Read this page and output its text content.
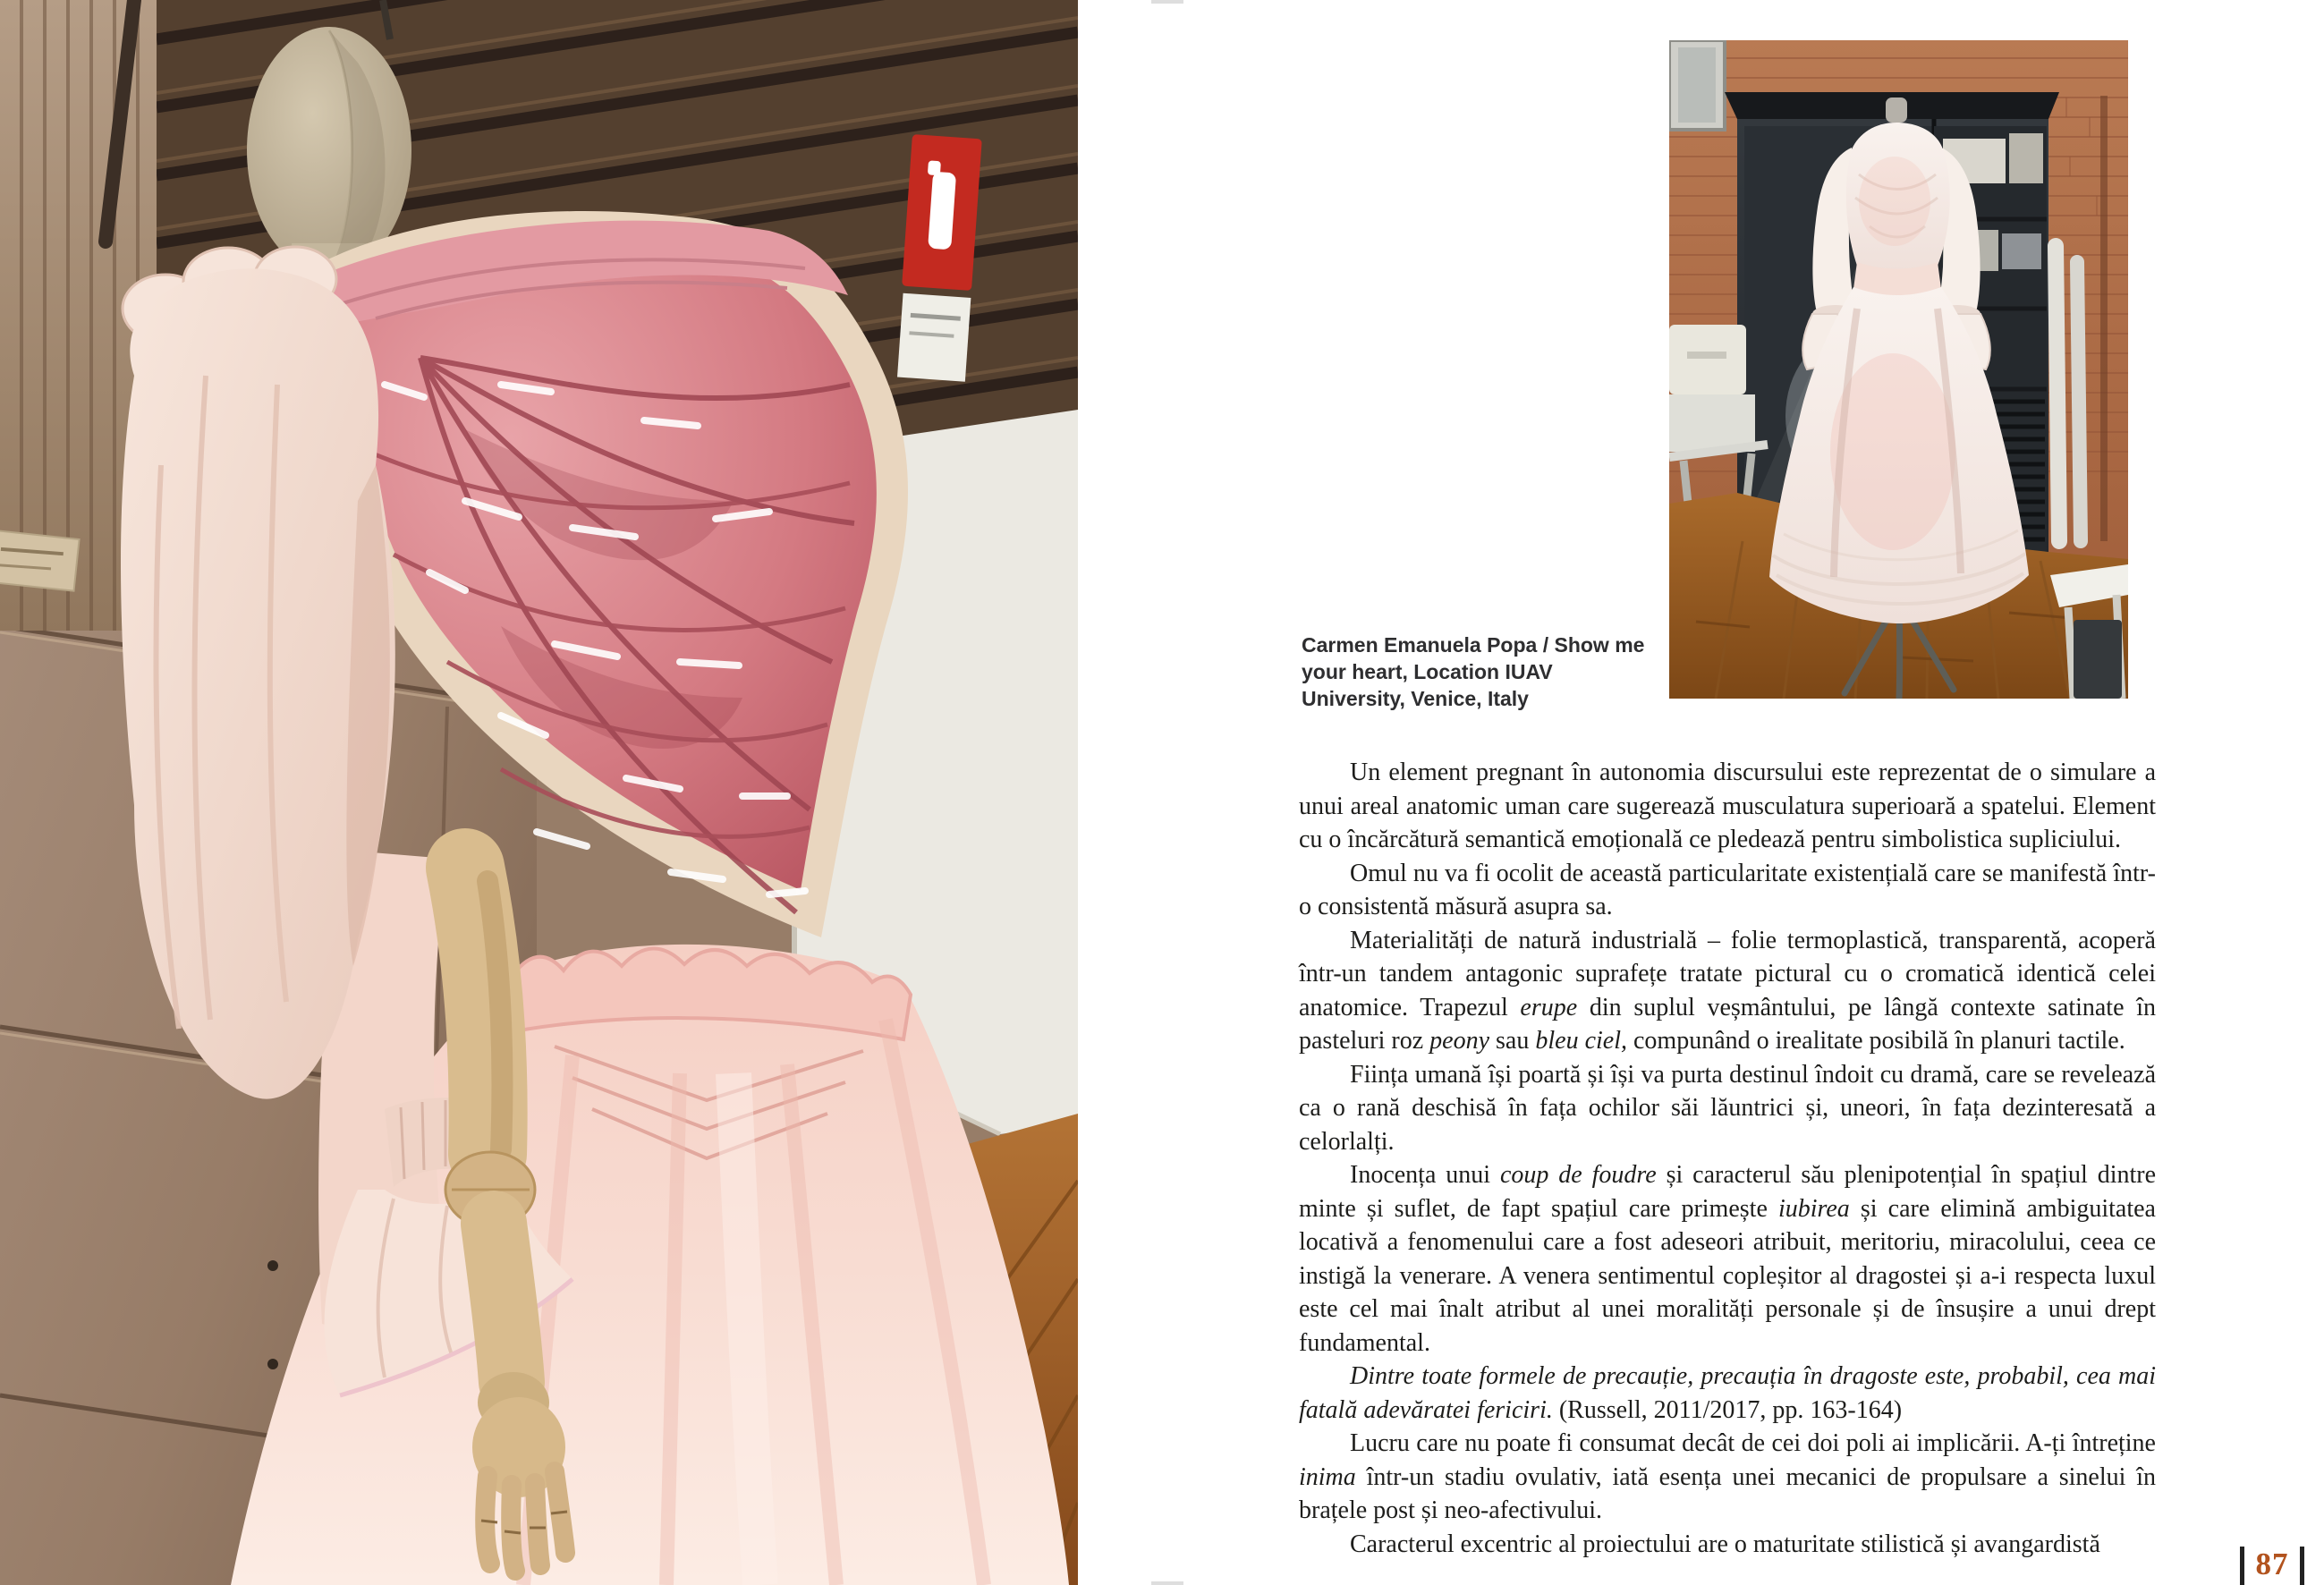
Carmen Emanuela Popa / Show me your heart, Location IUAV University, Venice, Italy

Un element pregnant în autonomia discursului este reprezentat de o simulare a unui areal anatomic uman care sugerează musculatura superioară a spatelui. Element cu o încărcătură semantică emoțională ce pledează pentru simbolistica supliciului.

Omul nu va fi ocolit de această particularitate existențială care se manifestă într-o consistentă măsură asupra sa.

Materialități de natură industrială – folie termoplastică, transparentă, acoperă într-un tandem antagonic suprafețe tratate pictural cu o cromatică identică celei anatomice. Trapezul erupe din suplul veșmântului, pe lângă contexte satinate în pasteluri roz peony sau bleu ciel, compunând o irealitate posibilă în planuri tactile.

Ființa umană își poartă și își va purta destinul îndoit cu dramă, care se revelează ca o rană deschisă în fața ochilor săi lăuntrici și, uneori, în fața dezinteresată a celorlalți.

Inocența unui coup de foudre și caracterul său plenipotențial în spațiul dintre minte și suflet, de fapt spațiul care primește iubirea și care elimină ambiguitatea locativă a fenomenului care a fost adeseori atribuit, meritoriu, miracolului, ceea ce instigă la venerare. A venera sentimentul copleșitor al dragostei și a-i respecta luxul este cel mai înalt atribut al unei moralități personale și de însușire a unui drept fundamental.

Dintre toate formele de precauție, precauția în dragoste este, probabil, cea mai fatală adevăratei fericiri. (Russell, 2011/2017, pp. 163-164)

Lucru care nu poate fi consumat decât de cei doi poli ai implicării. A-ți întreține inima într-un stadiu ovulativ, iată esența unei mecanici de propulsare a sinelui în brațele post și neo-afectivului.

Caracterul excentric al proiectului are o maturitate stilistică și avangardistă

87
